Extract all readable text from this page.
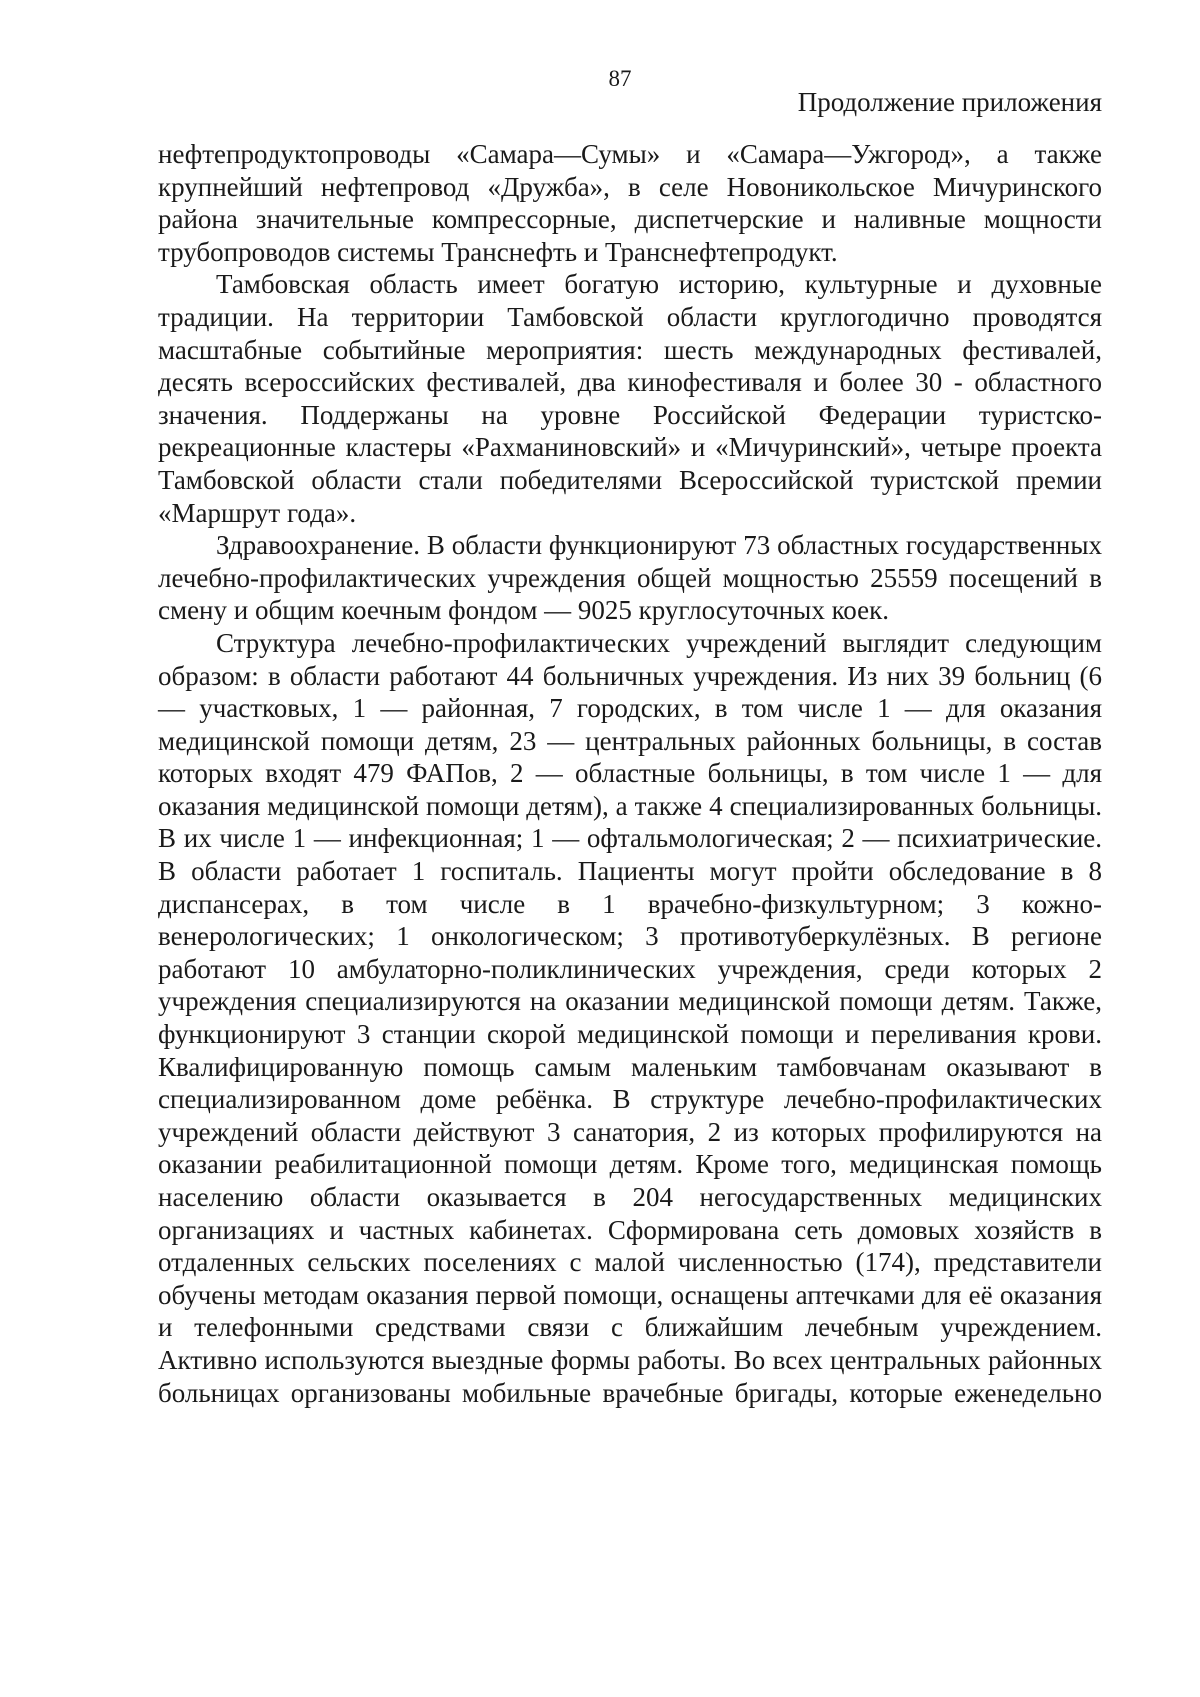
87
Продолжение приложения

нефтепродуктопроводы «Самара—Сумы» и «Самара—Ужгород», а также крупнейший нефтепровод «Дружба», в селе Новоникольское Мичуринского района значительные компрессорные, диспетчерские и наливные мощности трубопроводов системы Транснефть и Транснефтепродукт.

Тамбовская область имеет богатую историю, культурные и духовные традиции. На территории Тамбовской области круглогодично проводятся масштабные событийные мероприятия: шесть международных фестивалей, десять всероссийских фестивалей, два кинофестиваля и более 30 - областного значения. Поддержаны на уровне Российской Федерации туристско-рекреационные кластеры «Рахманиновский» и «Мичуринский», четыре проекта Тамбовской области стали победителями Всероссийской туристской премии «Маршрут года».

Здравоохранение. В области функционируют 73 областных государственных лечебно-профилактических учреждения общей мощностью 25559 посещений в смену и общим коечным фондом — 9025 круглосуточных коек.

Структура лечебно-профилактических учреждений выглядит следующим образом: в области работают 44 больничных учреждения. Из них 39 больниц (6 — участковых, 1 — районная, 7 городских, в том числе 1 — для оказания медицинской помощи детям, 23 — центральных районных больницы, в состав которых входят 479 ФАПов, 2 — областные больницы, в том числе 1 — для оказания медицинской помощи детям), а также 4 специализированных больницы. В их числе 1 — инфекционная; 1 — офтальмологическая; 2 — психиатрические. В области работает 1 госпиталь. Пациенты могут пройти обследование в 8 диспансерах, в том числе в 1 врачебно-физкультурном; 3 кожно-венерологических; 1 онкологическом; 3 противотуберкулёзных. В регионе работают 10 амбулаторно-поликлинических учреждения, среди которых 2 учреждения специализируются на оказании медицинской помощи детям. Также, функционируют 3 станции скорой медицинской помощи и переливания крови. Квалифицированную помощь самым маленьким тамбовчанам оказывают в специализированном доме ребёнка. В структуре лечебно-профилактических учреждений области действуют 3 санатория, 2 из которых профилируются на оказании реабилитационной помощи детям. Кроме того, медицинская помощь населению области оказывается в 204 негосударственных медицинских организациях и частных кабинетах. Сформирована сеть домовых хозяйств в отдаленных сельских поселениях с малой численностью (174), представители обучены методам оказания первой помощи, оснащены аптечками для её оказания и телефонными средствами связи с ближайшим лечебным учреждением. Активно используются выездные формы работы. Во всех центральных районных больницах организованы мобильные врачебные бригады, которые еженедельно
